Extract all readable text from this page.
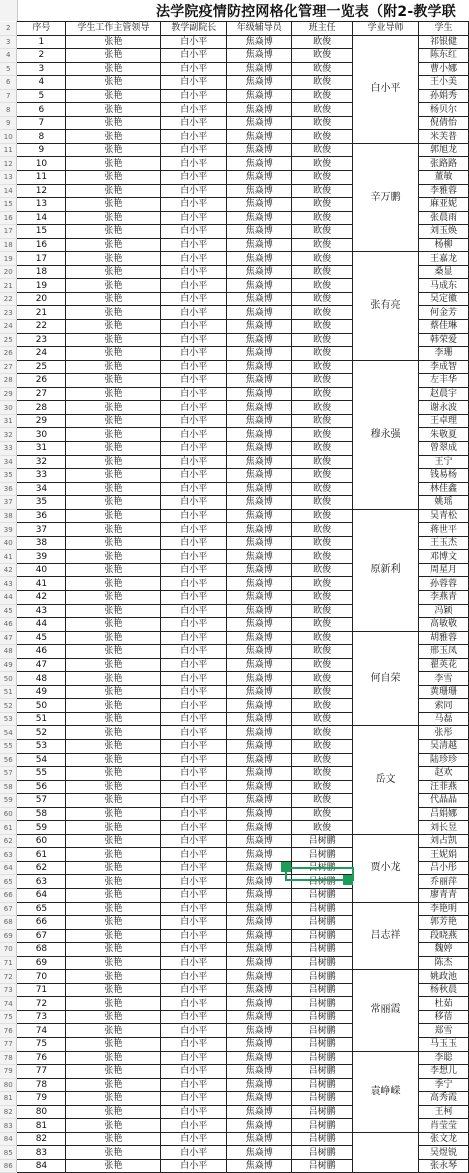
法学院疫情防控网格化管理一览表（附2-教学联
2	序号	学生工作主管领导	教学副院长	年级辅导员	班主任	学业导师	学生
3	1	张艳	白小平	焦焱博	欧俊	白小平	祁银健
4	2	张艳	白小平	焦焱博	欧俊		陈东红
5	3	张艳	白小平	焦焱博	欧俊		曹小娜
6	4	张艳	白小平	焦焱博	欧俊		王小美
7	5	张艳	白小平	焦焱博	欧俊		孙娟秀
8	6	张艳	白小平	焦焱博	欧俊		杨贝尔
9	7	张艳	白小平	焦焱博	欧俊		倪倩怡
10	8	张艳	白小平	焦焱博	欧俊		米芙普
11	9	张艳	白小平	焦焱博	欧俊	辛万鹏	郭旭龙
12	10	张艳	白小平	焦焱博	欧俊		张路路
13	11	张艳	白小平	焦焱博	欧俊		董敏
14	12	张艳	白小平	焦焱博	欧俊		李雅蓉
15	13	张艳	白小平	焦焱博	欧俊		麻亚妮
16	14	张艳	白小平	焦焱博	欧俊		张晨雨
17	15	张艳	白小平	焦焱博	欧俊		刘玉焕
18	16	张艳	白小平	焦焱博	欧俊		杨柳
19	17	张艳	白小平	焦焱博	欧俊	张有亮	王嘉龙
20	18	张艳	白小平	焦焱博	欧俊		桑显
21	19	张艳	白小平	焦焱博	欧俊		马成东
22	20	张艳	白小平	焦焱博	欧俊		吴定徽
23	21	张艳	白小平	焦焱博	欧俊		何金芳
24	22	张艳	白小平	焦焱博	欧俊		蔡佳琳
25	23	张艳	白小平	焦焱博	欧俊		韩荣爱
26	24	张艳	白小平	焦焱博	欧俊		李珊
27	25	张艳	白小平	焦焱博	欧俊	穆永强	李成智
28	26	张艳	白小平	焦焱博	欧俊		左丰华
29	27	张艳	白小平	焦焱博	欧俊		赵晨宇
30	28	张艳	白小平	焦焱博	欧俊		谢永波
31	29	张艳	白小平	焦焱博	欧俊		王卓理
32	30	张艳	白小平	焦焱博	欧俊		朱敬夏
33	31	张艳	白小平	焦焱博	欧俊		曾翠成
34	32	张艳	白小平	焦焱博	欧俊		王宁
35	33	张艳	白小平	焦焱博	欧俊		钱易杨
36	34	张艳	白小平	焦焱博	欧俊		林佳鑫
37	35	张艳	白小平	焦焱博	欧俊		姚瑶
38	36	张艳	白小平	焦焱博	欧俊	原新利	吴青松
39	37	张艳	白小平	焦焱博	欧俊		蒋世平
40	38	张艳	白小平	焦焱博	欧俊		王玉杰
41	39	张艳	白小平	焦焱博	欧俊		邓博文
42	40	张艳	白小平	焦焱博	欧俊		周星月
43	41	张艳	白小平	焦焱博	欧俊		孙蓉蓉
44	42	张艳	白小平	焦焱博	欧俊		李燕青
45	43	张艳	白小平	焦焱博	欧俊		冯颖
46	44	张艳	白小平	焦焱博	欧俊		高敏敬
47	45	张艳	白小平	焦焱博	欧俊	何自荣	胡雅蓉
48	46	张艳	白小平	焦焱博	欧俊		邢玉凤
49	47	张艳	白小平	焦焱博	欧俊		翟英花
50	48	张艳	白小平	焦焱博	欧俊		李雪
51	49	张艳	白小平	焦焱博	欧俊		黄珊珊
52	50	张艳	白小平	焦焱博	欧俊		索同
53	51	张艳	白小平	焦焱博	欧俊		马磊
54	52	张艳	白小平	焦焱博	欧俊	岳文	张彤
55	53	张艳	白小平	焦焱博	欧俊		吴清越
56	54	张艳	白小平	焦焱博	欧俊		陆珍珍
57	55	张艳	白小平	焦焱博	欧俊		赵欢
58	56	张艳	白小平	焦焱博	欧俊		汪菲燕
59	57	张艳	白小平	焦焱博	欧俊		代晶晶
60	58	张艳	白小平	焦焱博	欧俊		吕娟娜
61	59	张艳	白小平	焦焱博	欧俊		刘长昱
62	60	张艳	白小平	焦焱博	吕树鹏	贾小龙	刘占凯
63	61	张艳	白小平	焦焱博	吕树鹏		王妮娟
64	62	张艳	白小平	焦焱博	吕树鹏		吕小彤
65	63	张艳	白小平	焦焱博	吕树鹏		乔丽萍
66	64	张艳	白小平	焦焱博	吕树鹏		廖青青
67	65	张艳	白小平	焦焱博	吕树鹏	吕志祥	李艳明
68	66	张艳	白小平	焦焱博	吕树鹏		郭芳艳
69	67	张艳	白小平	焦焱博	吕树鹏		段晓燕
70	68	张艳	白小平	焦焱博	吕树鹏		魏婷
71	69	张艳	白小平	焦焱博	吕树鹏		陈杰
72	70	张艳	白小平	焦焱博	吕树鹏	常丽霞	姚政池
73	71	张艳	白小平	焦焱博	吕树鹏		杨秋晨
74	72	张艳	白小平	焦焱博	吕树鹏		杜茹
75	73	张艳	白小平	焦焱博	吕树鹏		移蓓
76	74	张艳	白小平	焦焱博	吕树鹏		郑雪
77	75	张艳	白小平	焦焱博	吕树鹏		马玉玉
78	76	张艳	白小平	焦焱博	吕树鹏	袁峥嵘	李聪
79	77	张艳	白小平	焦焱博	吕树鹏		李想儿
80	78	张艳	白小平	焦焱博	吕树鹏		季宁
81	79	张艳	白小平	焦焱博	吕树鹏		高秀霞
82	80	张艳	白小平	焦焱博	吕树鹏		王柯
83	81	张艳	白小平	焦焱博	吕树鹏		肖莹莹
84	82	张艳	白小平	焦焱博	吕树鹏		张文龙
85	83	张艳	白小平	焦焱博	吕树鹏		吴煜锐
86	84	张艳	白小平	焦焱博	吕树鹏		张永琴
